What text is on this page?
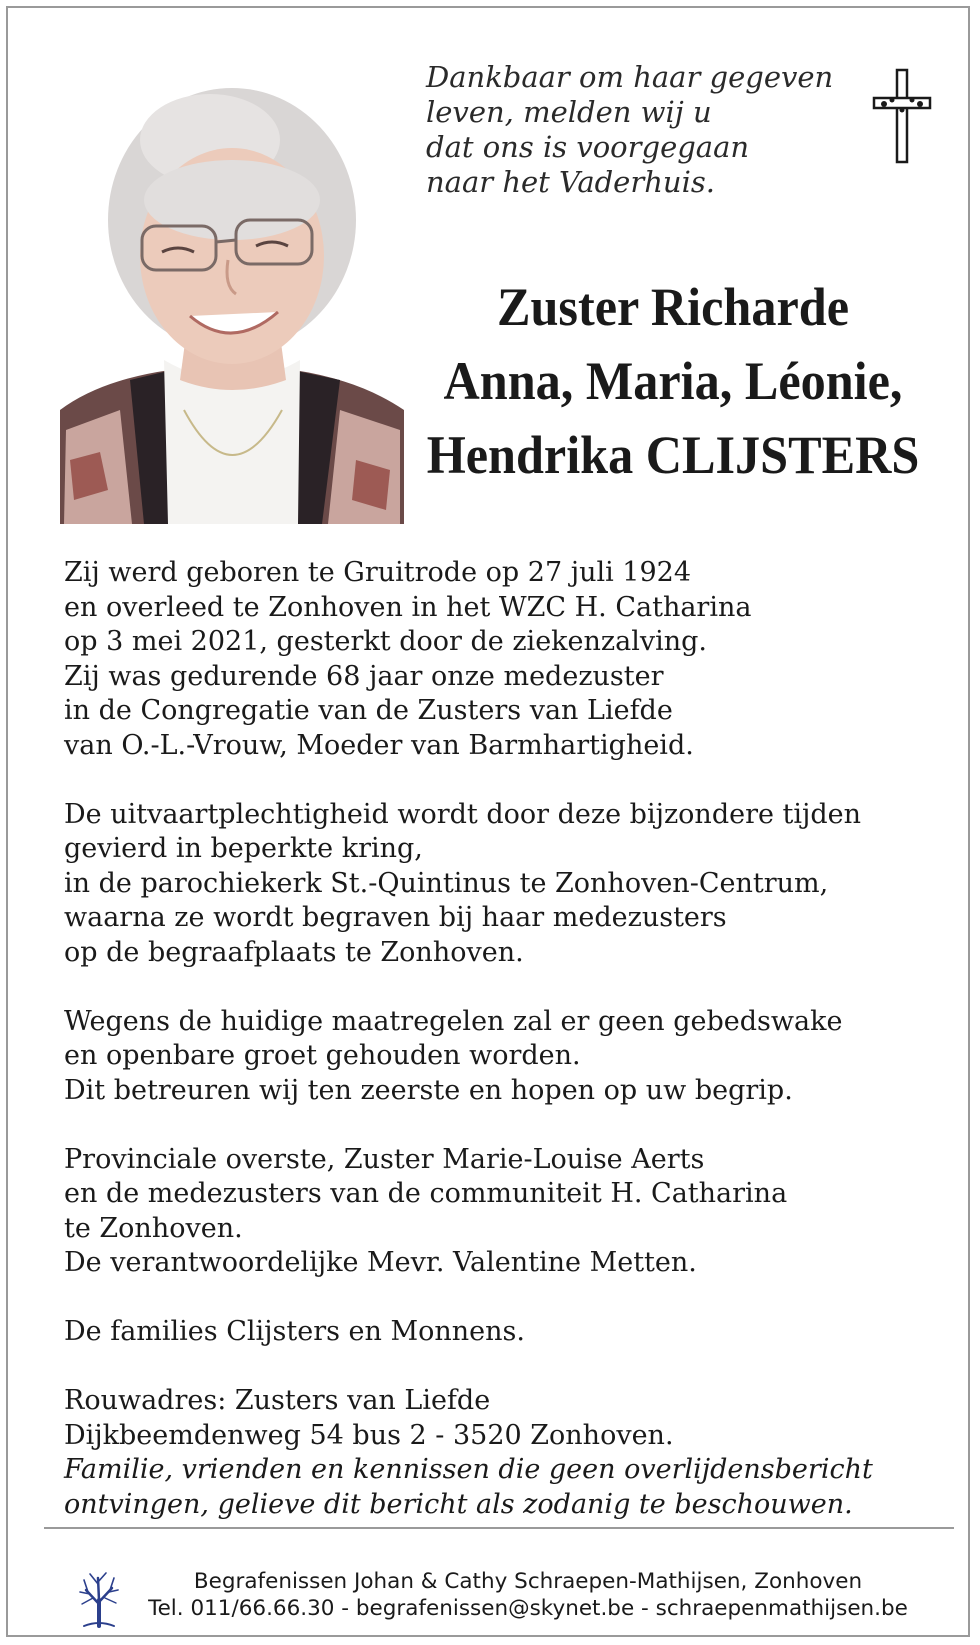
Dankbaar om haar gegeven
leven, melden wij u
dat ons is voorgegaan
naar het Vaderhuis.
Zuster Richarde
Anna, Maria, Léonie,
Hendrika CLIJSTERS

Zij werd geboren te Gruitrode op 27 juli 1924
en overleed te Zonhoven in het WZC H. Catharina
op 3 mei 2021, gesterkt door de ziekenzalving.
Zij was gedurende 68 jaar onze medezuster
in de Congregatie van de Zusters van Liefde
van O.-L.-Vrouw, Moeder van Barmhartigheid.

De uitvaartplechtigheid wordt door deze bijzondere tijden
gevierd in beperkte kring,
in de parochiekerk St.-Quintinus te Zonhoven-Centrum,
waarna ze wordt begraven bij haar medezusters
op de begraafplaats te Zonhoven.

Wegens de huidige maatregelen zal er geen gebedswake
en openbare groet gehouden worden.
Dit betreuren wij ten zeerste en hopen op uw begrip.

Provinciale overste, Zuster Marie-Louise Aerts
en de medezusters van de communiteit H. Catharina
te Zonhoven.
De verantwoordelijke Mevr. Valentine Metten.

De families Clijsters en Monnens.

Rouwadres: Zusters van Liefde
Dijkbeemdenweg 54 bus 2 - 3520 Zonhoven.
Familie, vrienden en kennissen die geen overlijdensbericht
ontvingen, gelieve dit bericht als zodanig te beschouwen.

Begrafenissen Johan & Cathy Schraepen-Mathijsen, Zonhoven
Tel. 011/66.66.30 - begrafenissen@skynet.be - schraepenmathijsen.be
